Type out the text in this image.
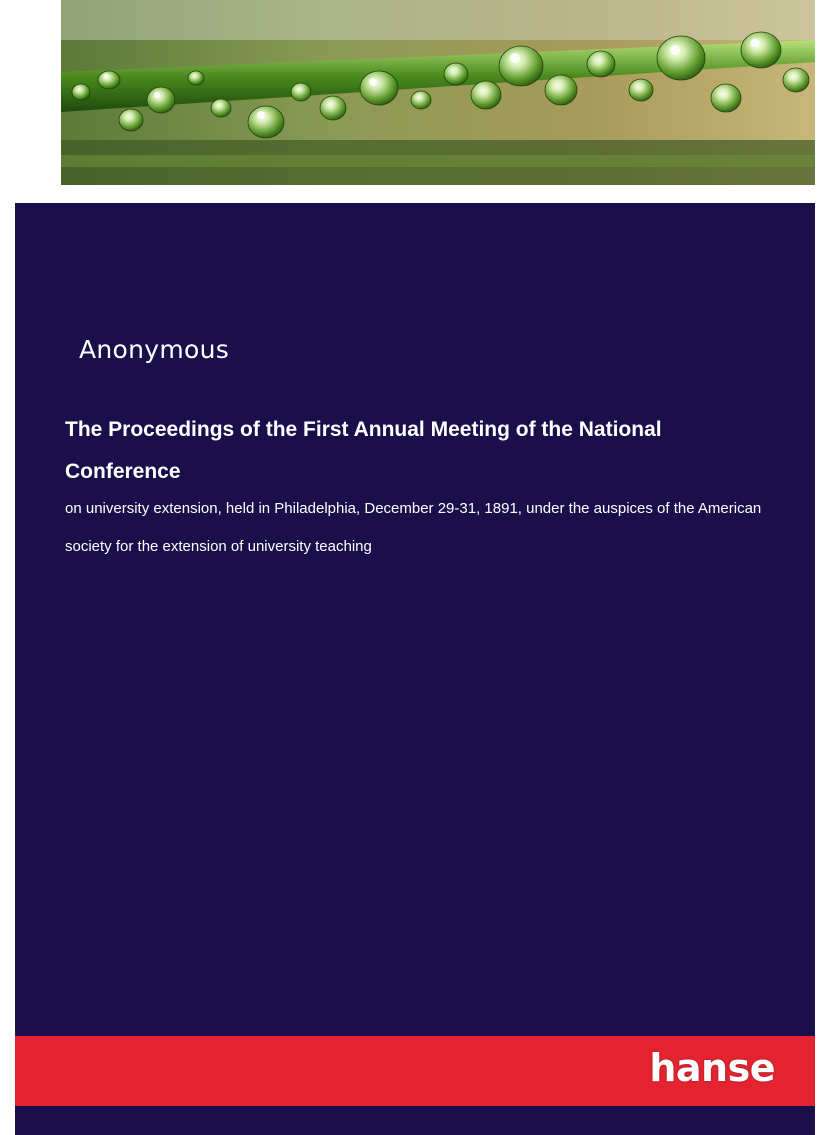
Anonymous
The Proceedings of the First Annual Meeting of the National Conference
on university extension, held in Philadelphia, December 29-31, 1891, under the auspices of the American society for the extension of university teaching
hanse
